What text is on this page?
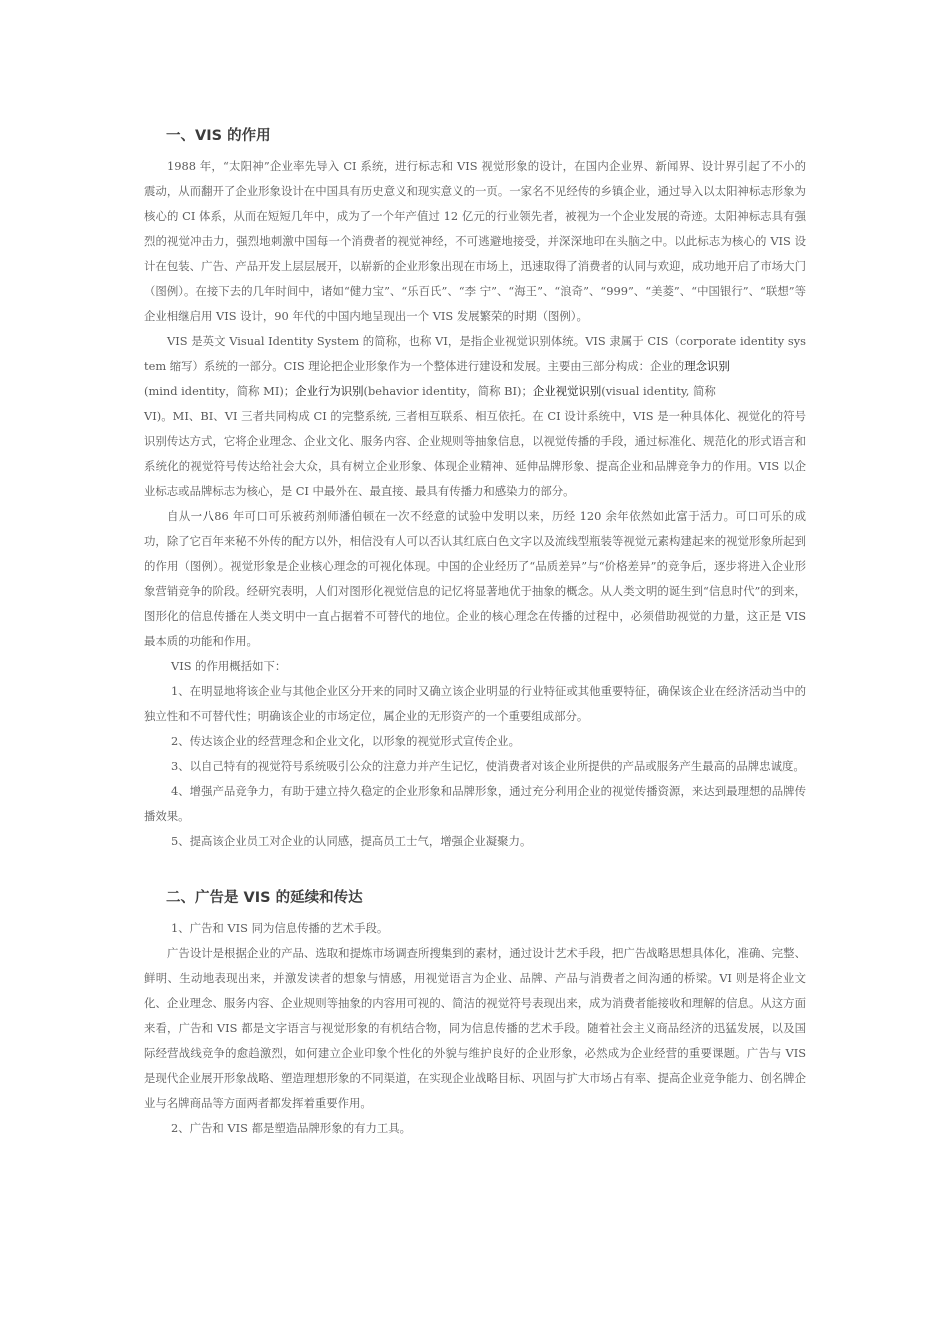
一、VIS 的作用

1988 年，“太阳神”企业率先导入 CI 系统，进行标志和 VIS 视觉形象的设计，在国内企业界、新闻界、设计界引起了不小的震动，从而翻开了企业形象设计在中国具有历史意义和现实意义的一页。一家名不见经传的乡镇企业，通过导入以太阳神标志形象为核心的 CI 体系，从而在短短几年中，成为了一个年产值过 12 亿元的行业领先者，被视为一个企业发展的奇迹。太阳神标志具有强烈的视觉冲击力，强烈地刺激中国每一个消费者的视觉神经，不可逃避地接受，并深深地印在头脑之中。以此标志为核心的 VIS 设计在包装、广告、产品开发上层层展开，以崭新的企业形象出现在市场上，迅速取得了消费者的认同与欢迎，成功地开启了市场大门（图例）。在接下去的几年时间中，诸如“健力宝”、“乐百氏”、“李 宁”、“海王”、“浪奇”、“999”、“美菱”、“中国银行”、“联想”等企业相继启用 VIS 设计，90 年代的中国内地呈现出一个 VIS 发展繁荣的时期（图例）。

VIS 是英文 Visual Identity System 的简称，也称 VI，是指企业视觉识别体统。VIS 隶属于 CIS（corporate identity system 缩写）系统的一部分。CIS 理论把企业形象作为一个整体进行建设和发展。主要由三部分构成：企业的理念识别
(mind identity，简称 MI)；企业行为识别(behavior identity，简称 BI)；企业视觉识别(visual identity, 简称

VI)。MI、BI、VI 三者共同构成 CI 的完整系统, 三者相互联系、相互依托。在 CI 设计系统中，VIS 是一种具体化、视觉化的符号识别传达方式，它将企业理念、企业文化、服务内容、企业规则等抽象信息，以视觉传播的手段，通过标准化、规范化的形式语言和系统化的视觉符号传达给社会大众，具有树立企业形象、体现企业精神、延伸品牌形象、提高企业和品牌竞争力的作用。VIS 以企业标志或品牌标志为核心，是 CI 中最外在、最直接、最具有传播力和感染力的部分。

自从一八86 年可口可乐被药剂师潘伯顿在一次不经意的试验中发明以来，历经 120 余年依然如此富于活力。可口可乐的成功，除了它百年来秘不外传的配方以外，相信没有人可以否认其红底白色文字以及流线型瓶装等视觉元素构建起来的视觉形象所起到的作用（图例）。视觉形象是企业核心理念的可视化体现。中国的企业经历了“品质差异”与“价格差异”的竞争后，逐步将进入企业形象营销竞争的阶段。经研究表明，人们对图形化视觉信息的记忆将显著地优于抽象的概念。从人类文明的诞生到“信息时代”的到来，图形化的信息传播在人类文明中一直占据着不可替代的地位。企业的核心理念在传播的过程中，必须借助视觉的力量，这正是 VIS 最本质的功能和作用。

VIS 的作用概括如下：

1、在明显地将该企业与其他企业区分开来的同时又确立该企业明显的行业特征或其他重要特征，确保该企业在经济活动当中的独立性和不可替代性；明确该企业的市场定位，属企业的无形资产的一个重要组成部分。

2、传达该企业的经营理念和企业文化，以形象的视觉形式宣传企业。

3、以自己特有的视觉符号系统吸引公众的注意力并产生记忆，使消费者对该企业所提供的产品或服务产生最高的品牌忠诚度。

4、增强产品竞争力，有助于建立持久稳定的企业形象和品牌形象，通过充分利用企业的视觉传播资源，来达到最理想的品牌传播效果。

5、提高该企业员工对企业的认同感，提高员工士气，增强企业凝聚力。

二、广告是 VIS 的延续和传达

1、广告和 VIS 同为信息传播的艺术手段。

广告设计是根据企业的产品、选取和提炼市场调查所搜集到的素材，通过设计艺术手段，把广告战略思想具体化，准确、完整、鲜明、生动地表现出来，并激发读者的想象与情感，用视觉语言为企业、品牌、产品与消费者之间沟通的桥梁。VI 则是将企业文化、企业理念、服务内容、企业规则等抽象的内容用可视的、简洁的视觉符号表现出来，成为消费者能接收和理解的信息。从这方面来看，广告和 VIS 都是文字语言与视觉形象的有机结合物，同为信息传播的艺术手段。随着社会主义商品经济的迅猛发展，以及国际经营战线竞争的愈趋激烈，如何建立企业印象个性化的外貌与维护良好的企业形象，必然成为企业经营的重要课题。广告与 VIS 是现代企业展开形象战略、塑造理想形象的不同渠道，在实现企业战略目标、巩固与扩大市场占有率、提高企业竞争能力、创名牌企业与名牌商品等方面两者都发挥着重要作用。

2、广告和 VIS 都是塑造品牌形象的有力工具。
